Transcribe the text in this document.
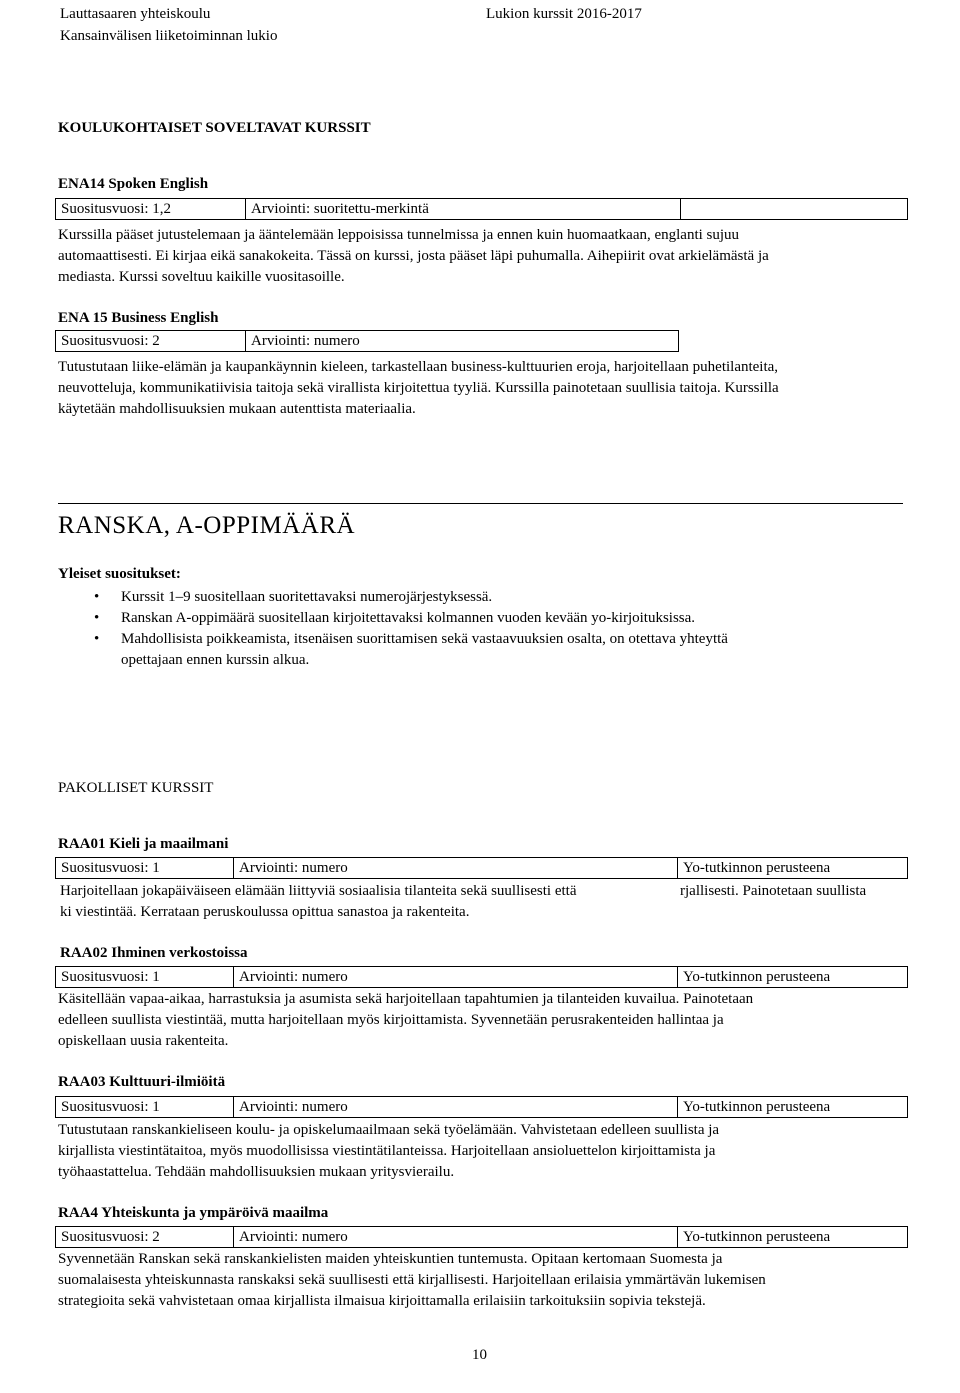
Lauttasaaren yhteiskoulu
Kansainvälisen liiketoiminnan lukio
Lukion kurssit 2016-2017
KOULUKOHTAISET SOVELTAVAT KURSSIT
ENA14 Spoken English
Suositusvuosi: 1,2	Arviointi: suoritettu-merkintä
Kurssilla pääset jutustelemaan ja ääntelemään leppoisissa tunnelmissa ja ennen kuin huomaatkaan, englanti sujuu
automaattisesti. Ei kirjaa eikä sanakokeita. Tässä on kurssi, josta pääset läpi puhumalla. Aihepiirit ovat arkielämästä ja
mediasta. Kurssi soveltuu kaikille vuositasoille.
ENA 15 Business English
Suositusvuosi: 2	Arviointi: numero
Tutustutaan liike-elämän ja kaupankäynnin kieleen, tarkastellaan business-kulttuurien eroja, harjoitellaan puhetilanteita,
neuvotteluja, kommunikatiivisia taitoja sekä virallista kirjoitettua tyyliä. Kurssilla painotetaan suullisia taitoja. Kurssilla
käytetään mahdollisuuksien mukaan autenttista materiaalia.
RANSKA, A-OPPIMÄÄRÄ
Yleiset suositukset:
• Kurssit 1–9 suositellaan suoritettavaksi numerojärjestyksessä.
• Ranskan A-oppimäärä suositellaan kirjoitettavaksi kolmannen vuoden kevään yo-kirjoituksissa.
• Mahdollisista poikkeamista, itsenäisen suorittamisen sekä vastaavuuksien osalta, on otettava yhteyttä
opettajaan ennen kurssin alkua.
PAKOLLISET KURSSIT
RAA01 Kieli ja maailmani
Suositusvuosi: 1	Arviointi: numero	Yo-tutkinnon perusteena
Harjoitellaan jokapäiväiseen elämään liittyviä sosiaalisia tilanteita sekä suullisesti että
ki viestintää. Kerrataan peruskoulussa opittua sanastoa ja rakenteita.
rjallisesti. Painotetaan suullista
RAA02 Ihminen verkostoissa
Suositusvuosi: 1	Arviointi: numero	Yo-tutkinnon perusteena
Käsitellään vapaa-aikaa, harrastuksia ja asumista sekä harjoitellaan tapahtumien ja tilanteiden kuvailua. Painotetaan
edelleen suullista viestintää, mutta harjoitellaan myös kirjoittamista. Syvennetään perusrakenteiden hallintaa ja
opiskellaan uusia rakenteita.
RAA03 Kulttuuri-ilmiöitä
Suositusvuosi: 1	Arviointi: numero	Yo-tutkinnon perusteena
Tutustutaan ranskankieliseen koulu- ja opiskelumaailmaan sekä työelämään. Vahvistetaan edelleen suullista ja
kirjallista viestintätaitoa, myös muodollisissa viestintätilanteissa. Harjoitellaan ansioluettelon kirjoittamista ja
työhaastattelua. Tehdään mahdollisuuksien mukaan yritysvierailu.
RAA4 Yhteiskunta ja ympäröivä maailma
Suositusvuosi: 2	Arviointi: numero	Yo-tutkinnon perusteena
Syvennetään Ranskan sekä ranskankielisten maiden yhteiskuntien tuntemusta. Opitaan kertomaan Suomesta ja
suomalaisesta yhteiskunnasta ranskaksi sekä suullisesti että kirjallisesti. Harjoitellaan erilaisia ymmärtävän lukemisen
strategioita sekä vahvistetaan omaa kirjallista ilmaisua kirjoittamalla erilaisiin tarkoituksiin sopivia tekstejä.
10
